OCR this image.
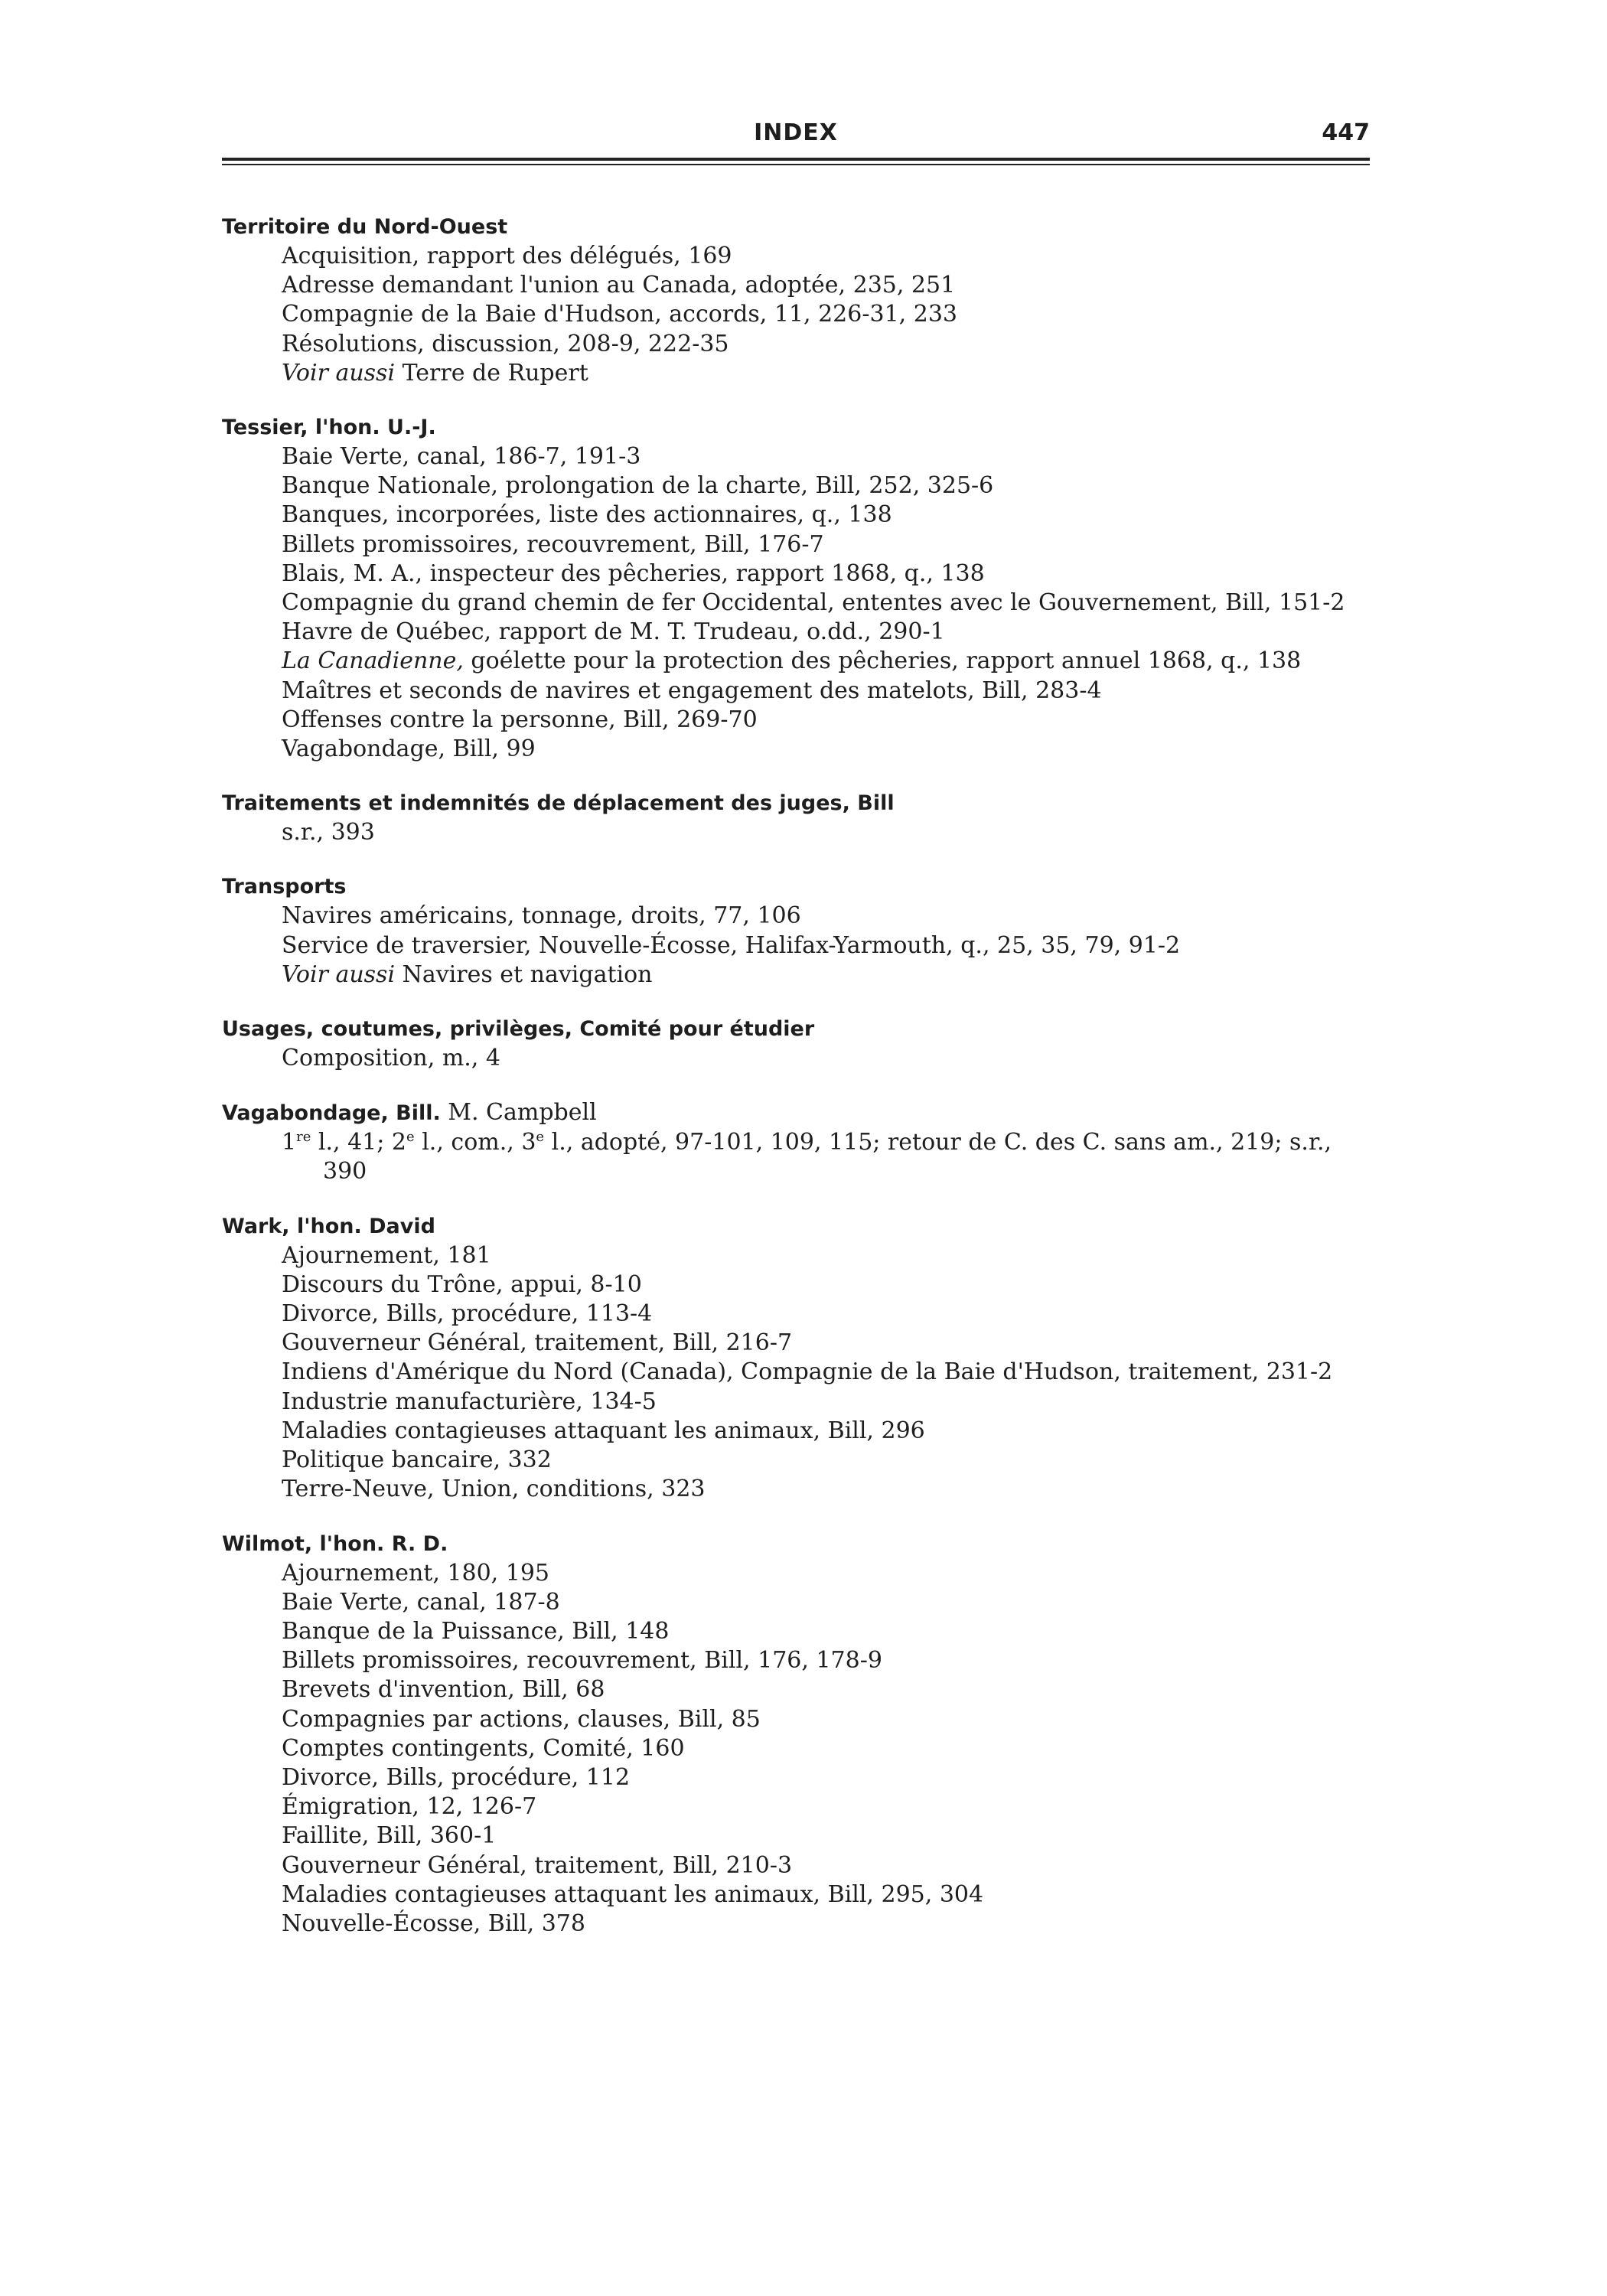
INDEX	447
Territoire du Nord-Ouest
Acquisition, rapport des délégués, 169
Adresse demandant l'union au Canada, adoptée, 235, 251
Compagnie de la Baie d'Hudson, accords, 11, 226-31, 233
Résolutions, discussion, 208-9, 222-35
Voir aussi Terre de Rupert
Tessier, l'hon. U.-J.
Baie Verte, canal, 186-7, 191-3
Banque Nationale, prolongation de la charte, Bill, 252, 325-6
Banques, incorporées, liste des actionnaires, q., 138
Billets promissoires, recouvrement, Bill, 176-7
Blais, M. A., inspecteur des pêcheries, rapport 1868, q., 138
Compagnie du grand chemin de fer Occidental, ententes avec le Gouvernement, Bill, 151-2
Havre de Québec, rapport de M. T. Trudeau, o.dd., 290-1
La Canadienne, goélette pour la protection des pêcheries, rapport annuel 1868, q., 138
Maîtres et seconds de navires et engagement des matelots, Bill, 283-4
Offenses contre la personne, Bill, 269-70
Vagabondage, Bill, 99
Traitements et indemnités de déplacement des juges, Bill
s.r., 393
Transports
Navires américains, tonnage, droits, 77, 106
Service de traversier, Nouvelle-Écosse, Halifax-Yarmouth, q., 25, 35, 79, 91-2
Voir aussi Navires et navigation
Usages, coutumes, privilèges, Comité pour étudier
Composition, m., 4
Vagabondage, Bill. M. Campbell
1re l., 41; 2e l., com., 3e l., adopté, 97-101, 109, 115; retour de C. des C. sans am., 219; s.r., 390
Wark, l'hon. David
Ajournement, 181
Discours du Trône, appui, 8-10
Divorce, Bills, procédure, 113-4
Gouverneur Général, traitement, Bill, 216-7
Indiens d'Amérique du Nord (Canada), Compagnie de la Baie d'Hudson, traitement, 231-2
Industrie manufacturière, 134-5
Maladies contagieuses attaquant les animaux, Bill, 296
Politique bancaire, 332
Terre-Neuve, Union, conditions, 323
Wilmot, l'hon. R. D.
Ajournement, 180, 195
Baie Verte, canal, 187-8
Banque de la Puissance, Bill, 148
Billets promissoires, recouvrement, Bill, 176, 178-9
Brevets d'invention, Bill, 68
Compagnies par actions, clauses, Bill, 85
Comptes contingents, Comité, 160
Divorce, Bills, procédure, 112
Émigration, 12, 126-7
Faillite, Bill, 360-1
Gouverneur Général, traitement, Bill, 210-3
Maladies contagieuses attaquant les animaux, Bill, 295, 304
Nouvelle-Écosse, Bill, 378
